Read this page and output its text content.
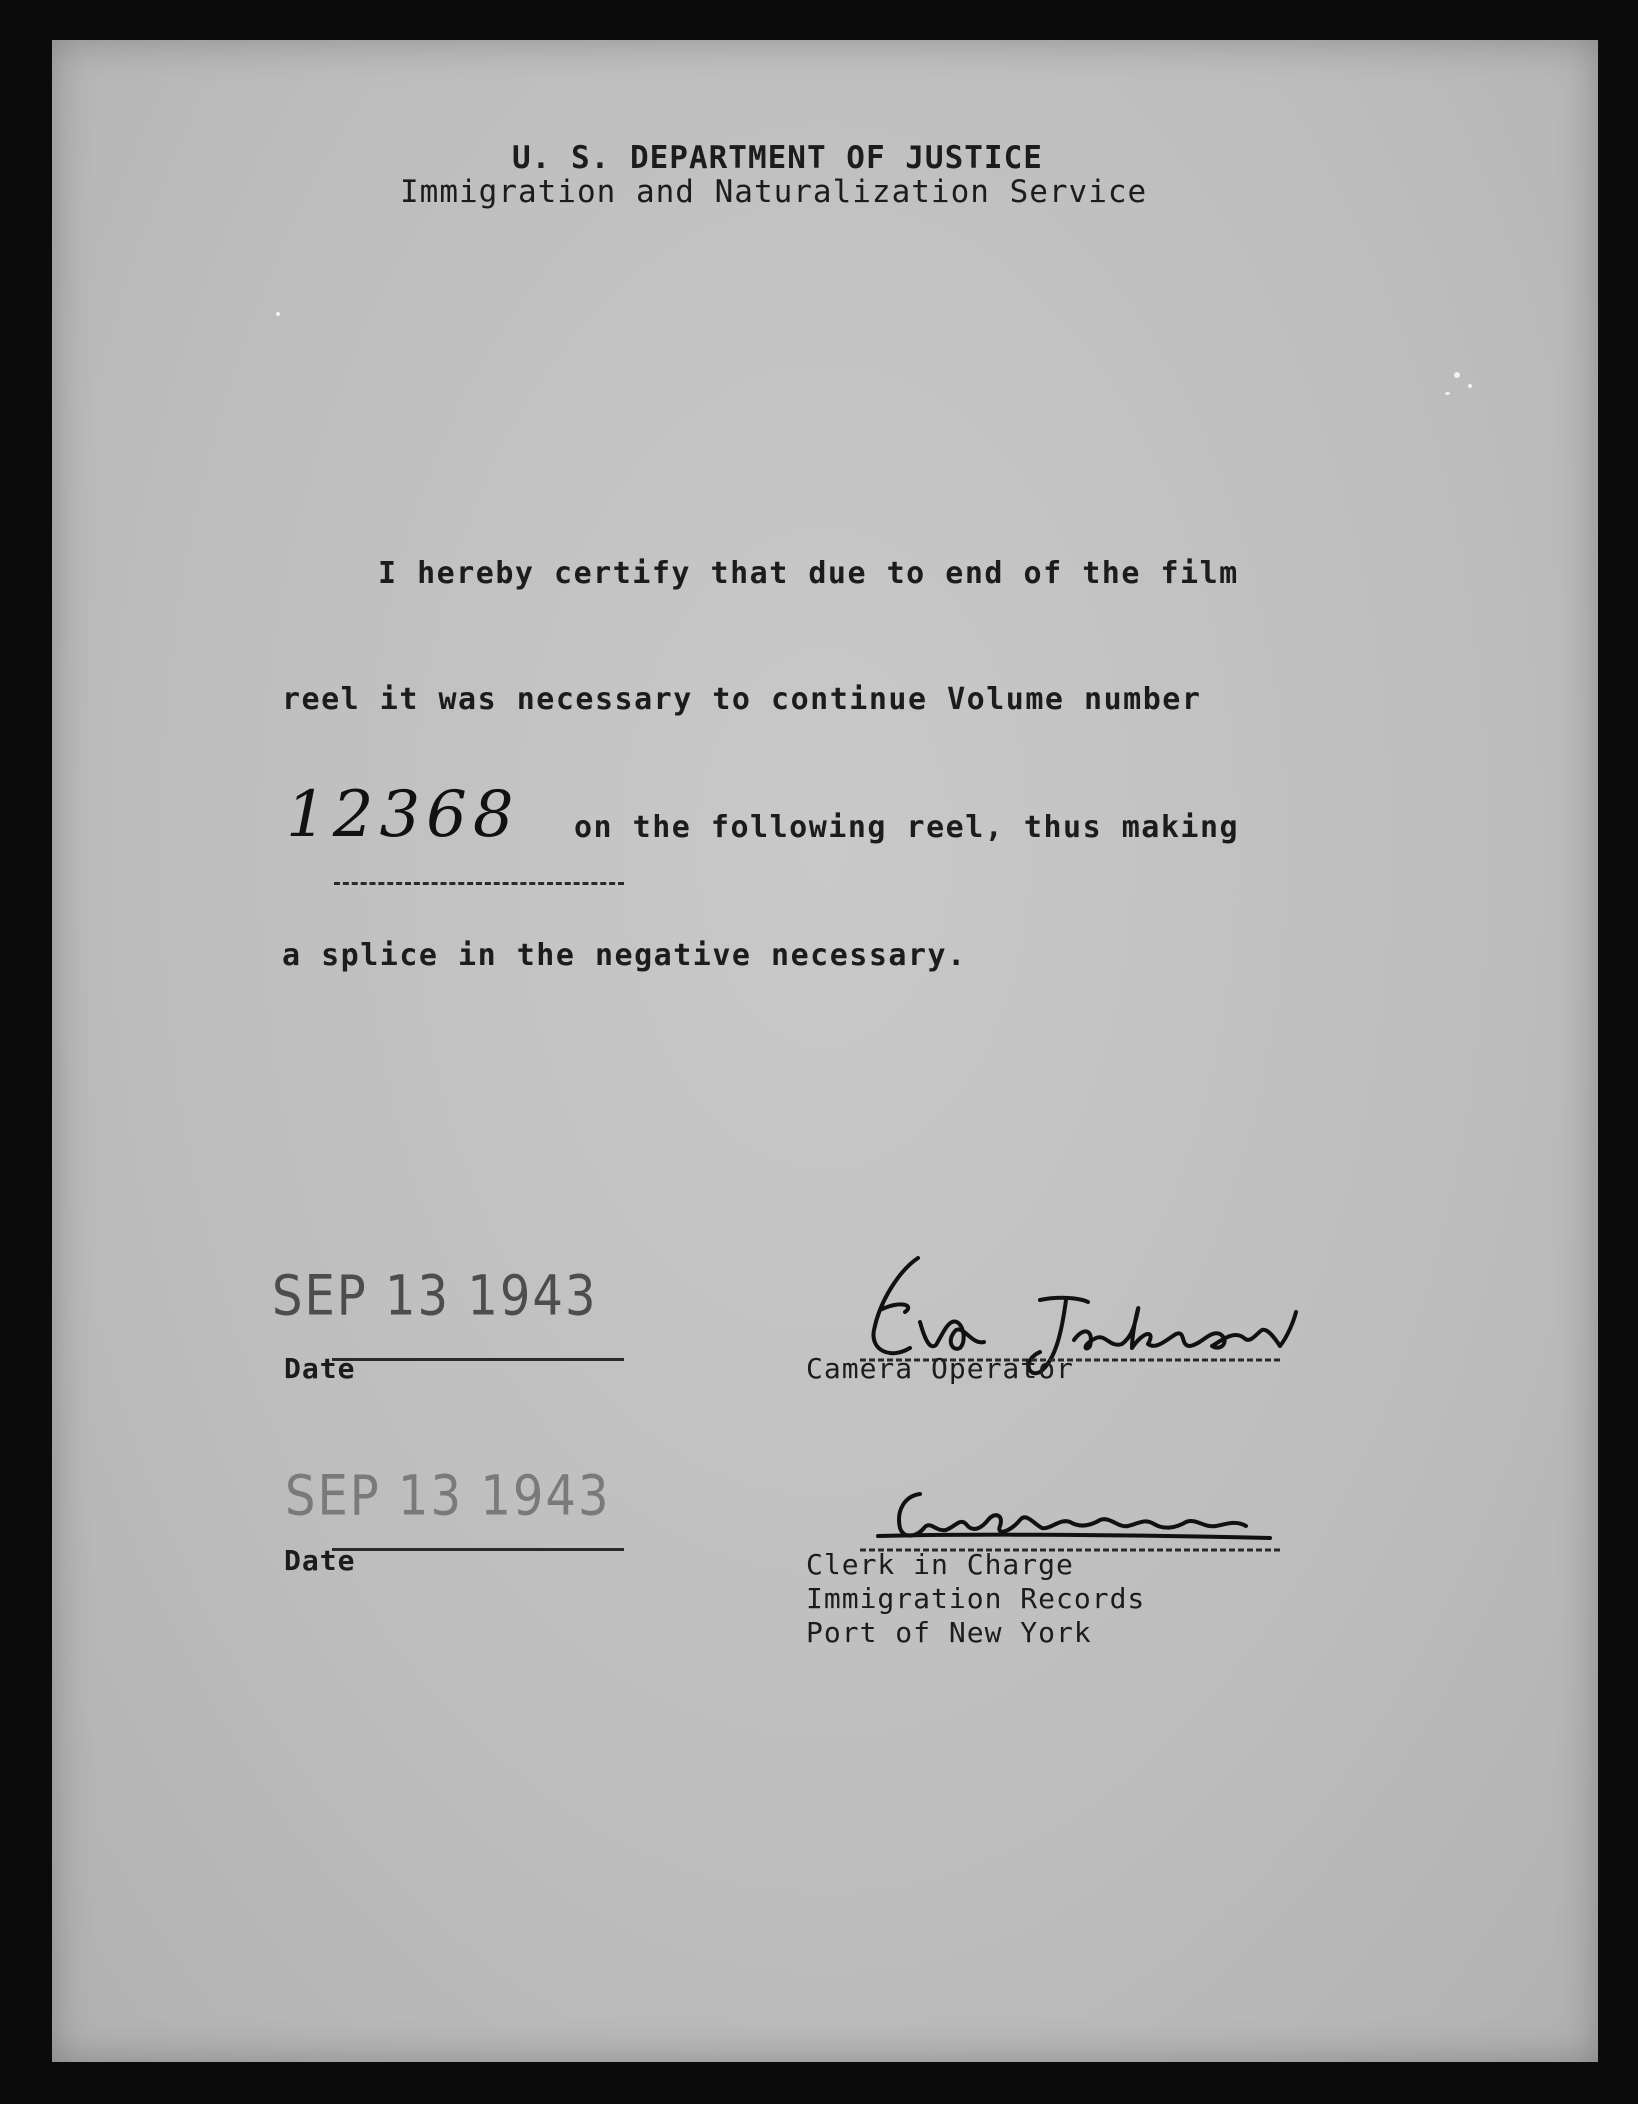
U. S. DEPARTMENT OF JUSTICE
Immigration and Naturalization Service
I hereby certify that due to end of the film
reel it was necessary to continue Volume number
12368 on the following reel, thus making
a splice in the negative necessary.
SEP 13 1943
Date
SEP 13 1943
Date
Camera Operator
Clerk in Charge
Immigration Records
Port of New York
